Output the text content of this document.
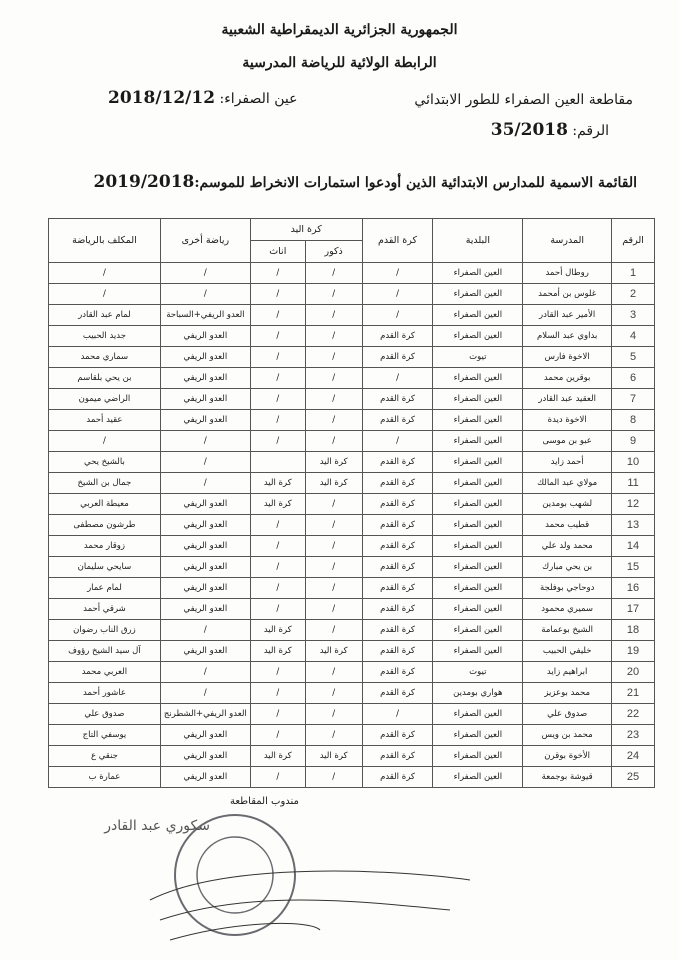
الجمهورية الجزائرية الديمقراطية الشعبية
الرابطة الولائية للرياضة المدرسية
مقاطعة العين الصفراء للطور الابتدائي
عين الصفراء: 2018/12/12
الرقم: 35/2018
القائمة الاسمية للمدارس الابتدائية الذين أودعوا استمارات الانخراط للموسم:2019/2018
الرقم	المدرسة	البلدية	كرة القدم	كرة اليد		رياضة أخرى	المكلف بالرياضة
				ذكور	اناث		
1	روطال أحمد	العين الصفراء	/	/	/	/	/
2	غلوس بن أمحمد	العين الصفراء	/	/	/	/	/
3	الأمير عبد القادر	العين الصفراء	/	/	/	العدو الريفي+السباحة	لمام عبد القادر
4	بداوي عبد السلام	العين الصفراء	كرة القدم	/	/	العدو الريفي	جديد الحبيب
5	الاخوة فارس	تيوت	كرة القدم	/	/	العدو الريفي	سماري محمد
6	بوقرين محمد	العين الصفراء	/	/	/	العدو الريفي	بن يحي بلقاسم
7	العقيد عبد القادر	العين الصفراء	كرة القدم	/	/	العدو الريفي	الراضي ميمون
8	الاخوة ديدة	العين الصفراء	كرة القدم	/	/	العدو الريفي	عقيد أحمد
9	عبو بن موسى	العين الصفراء	/	/	/	/	/
10	أحمد زايد	العين الصفراء	كرة القدم	كرة اليد		/	بالشيخ يحي
11	مولاي عبد المالك	العين الصفراء	كرة القدم	كرة اليد	كرة اليد	/	جمال بن الشيخ
12	لشهب بومدين	العين الصفراء	كرة القدم	/	كرة اليد	العدو الريفي	معيطة العربي
13	قطيب محمد	العين الصفراء	كرة القدم	/	/	العدو الريفي	طرشون مصطفى
14	محمد ولد علي	العين الصفراء	كرة القدم	/	/	العدو الريفي	زوقار محمد
15	بن يحي مبارك	العين الصفراء	كرة القدم	/	/	العدو الريفي	سايحي سليمان
16	دوحاجي بوفلجة	العين الصفراء	كرة القدم	/	/	العدو الريفي	لمام عمار
17	سميري محمود	العين الصفراء	كرة القدم	/	/	العدو الريفي	شرقي أحمد
18	الشيخ بوعمامة	العين الصفراء	كرة القدم	/	كرة اليد	/	زرق الناب رضوان
19	خليفي الحبيب	العين الصفراء	كرة القدم	كرة اليد	كرة اليد	العدو الريفي	آل سيد الشيخ رؤوف
20	ابراهيم زايد	تيوت	كرة القدم	/	/	/	العربي محمد
21	محمد بوعزيز	هواري بومدين	كرة القدم	/	/	/	عاشور أحمد
22	صدوق علي	العين الصفراء	/	/	/	العدو الريفي+الشطرنج	صدوق علي
23	محمد بن ويس	العين الصفراء	كرة القدم	/	/	العدو الريفي	يوسفي التاج
24	الأخوة بوقرن	العين الصفراء	كرة القدم	كرة اليد	كرة اليد	العدو الريفي	جنقي ع
25	قيوشة بوجمعة	العين الصفراء	كرة القدم	/	/	العدو الريفي	عمارة ب
مندوب المقاطعة
سكوري عبد القادر
